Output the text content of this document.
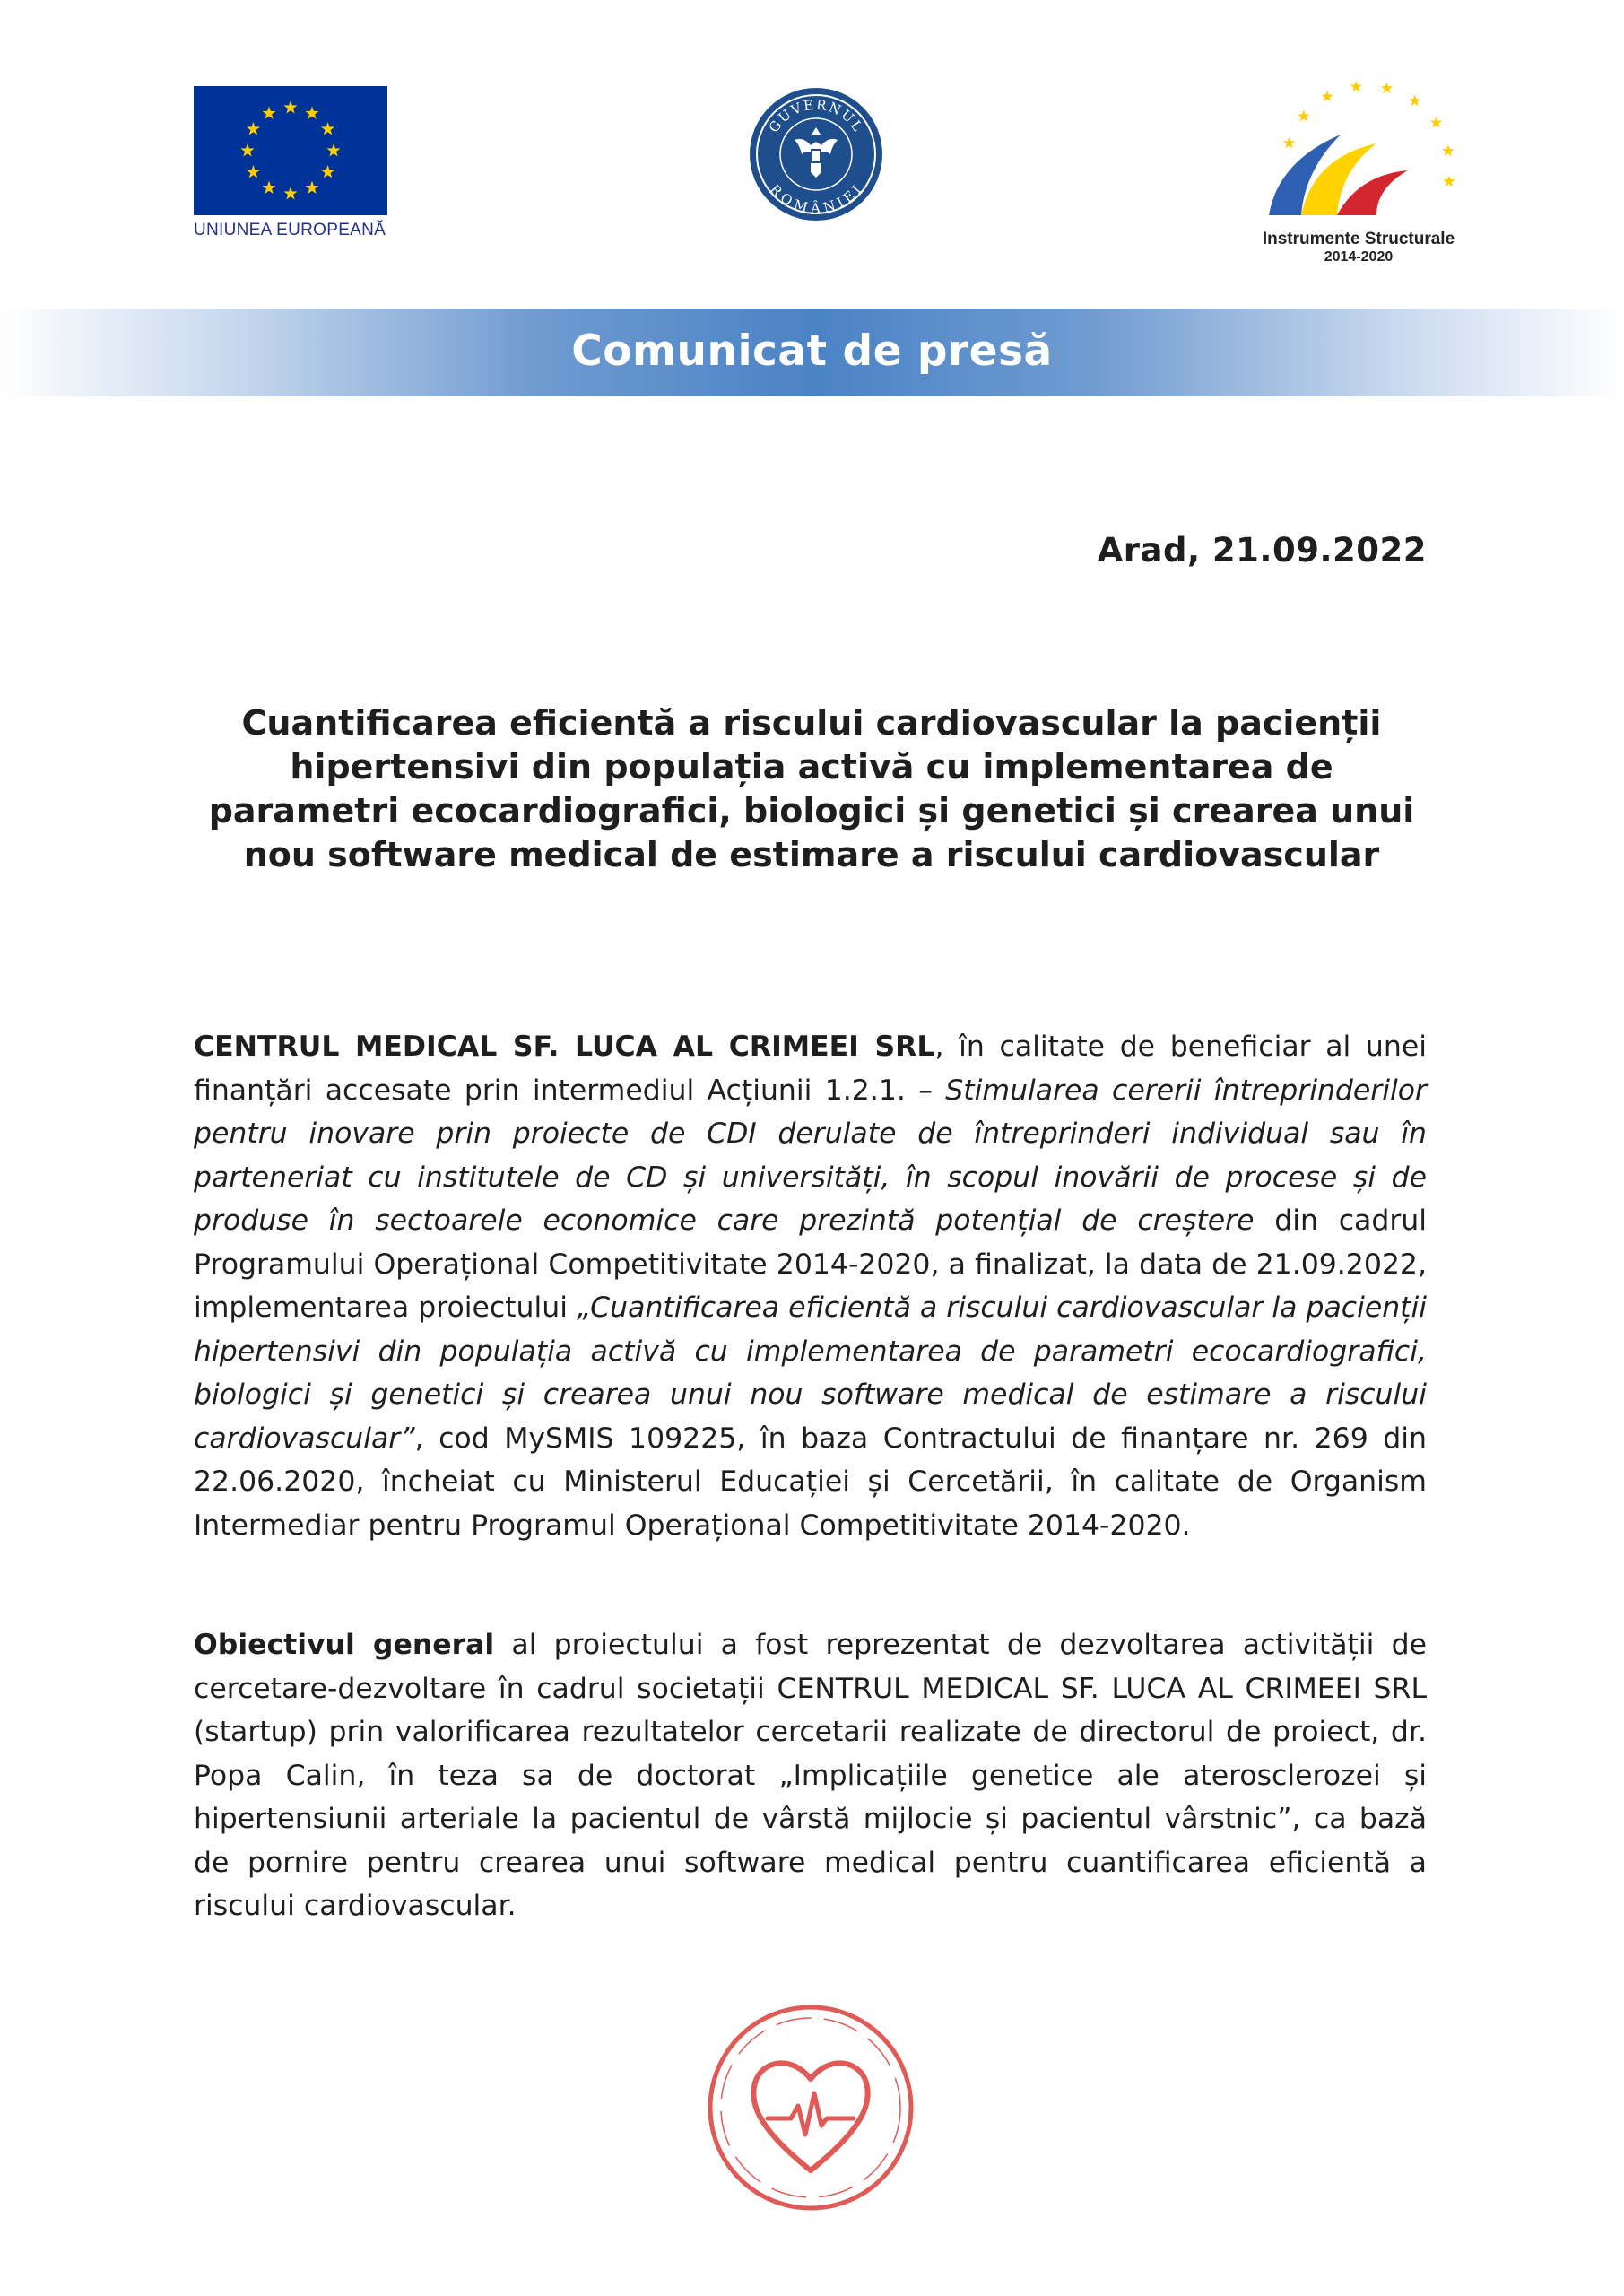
UNIUNEA EUROPEANĂ
GUVERNUL
ROMÂNIEI
Instrumente Structurale
2014-2020
Comunicat de presă
Arad, 21.09.2022
Cuantificarea eficientă a riscului cardiovascular la pacienții hipertensivi din populația activă cu implementarea de parametri ecocardiografici, biologici și genetici și crearea unui nou software medical de estimare a riscului cardiovascular
CENTRUL MEDICAL SF. LUCA AL CRIMEEI SRL, în calitate de beneficiar al unei finanțări accesate prin intermediul Acțiunii 1.2.1. – Stimularea cererii întreprinderilor pentru inovare prin proiecte de CDI derulate de întreprinderi individual sau în parteneriat cu institutele de CD și universități, în scopul inovării de procese și de produse în sectoarele economice care prezintă potențial de creștere din cadrul Programului Operațional Competitivitate 2014-2020, a finalizat, la data de 21.09.2022, implementarea proiectului „Cuantificarea eficientă a riscului cardiovascular la pacienții hipertensivi din populația activă cu implementarea de parametri ecocardiografici, biologici și genetici și crearea unui nou software medical de estimare a riscului cardiovascular”, cod MySMIS 109225, în baza Contractului de finanțare nr. 269 din 22.06.2020, încheiat cu Ministerul Educației și Cercetării, în calitate de Organism Intermediar pentru Programul Operațional Competitivitate 2014-2020.
Obiectivul general al proiectului a fost reprezentat de dezvoltarea activității de cercetare-dezvoltare în cadrul societații CENTRUL MEDICAL SF. LUCA AL CRIMEEI SRL (startup) prin valorificarea rezultatelor cercetarii realizate de directorul de proiect, dr. Popa Calin, în teza sa de doctorat „Implicațiile genetice ale aterosclerozei și hipertensiunii arteriale la pacientul de vârstă mijlocie și pacientul vârstnic”, ca bază de pornire pentru crearea unui software medical pentru cuantificarea eficientă a riscului cardiovascular.
